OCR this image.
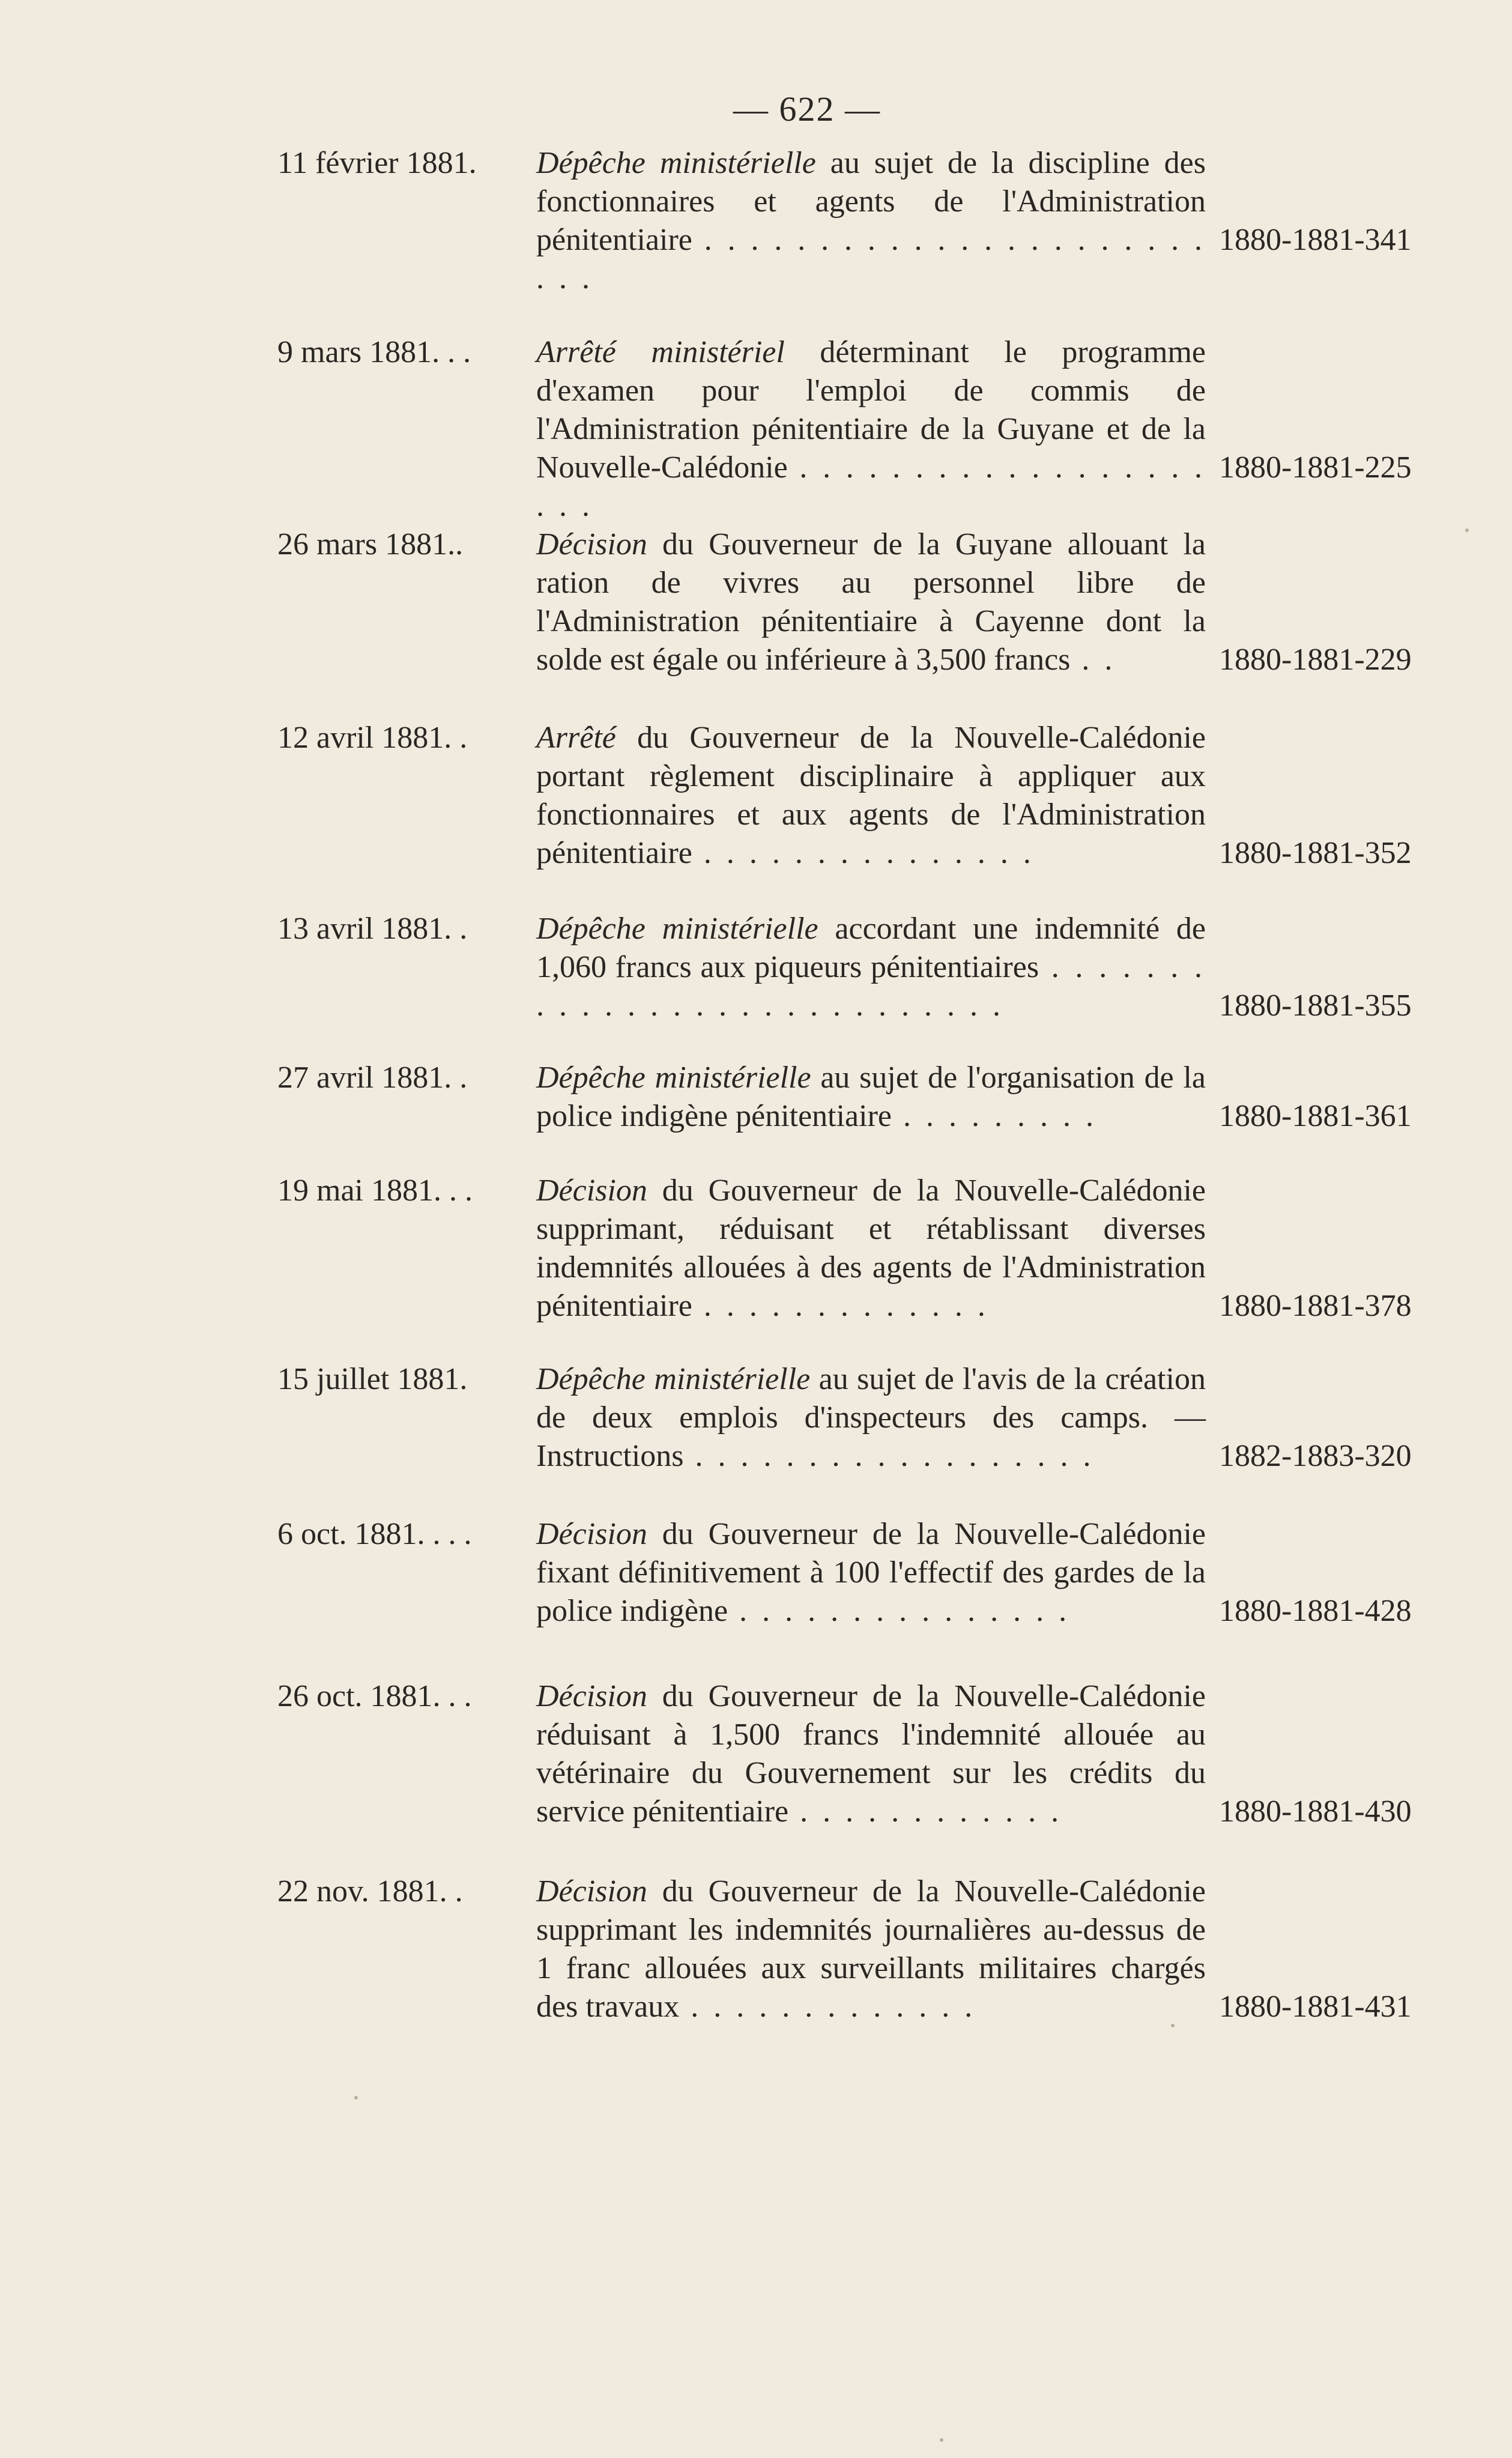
— 622 —
11 février 1881. Dépêche ministérielle au sujet de la discipline des fonctionnaires et agents de l'Administration pénitentiaire . . . . . . . . . . . . . . . . . . . . . . . . .
1880-1881-341
9 mars 1881. . . Arrêté ministériel déterminant le programme d'examen pour l'emploi de commis de l'Administration pénitentiaire de la Guyane et de la Nouvelle-Calédonie . . . . . . . . . . . . . . . . . . . . .
1880-1881-225
26 mars 1881.. Décision du Gouverneur de la Guyane allouant la ration de vivres au personnel libre de l'Administration pénitentiaire à Cayenne dont la solde est égale ou inférieure à 3,500 francs . .	1880-1881-229
12 avril 1881. . Arrêté du Gouverneur de la Nouvelle-Calédonie portant règlement disciplinaire à appliquer aux fonctionnaires et aux agents de l'Administration pénitentiaire . . . . . . . . . . . . . . .	1880-1881-352
13 avril 1881. . Dépêche ministérielle accordant une indemnité de 1,060 francs aux piqueurs pénitentiaires . . . . . . . . . . . . . . . . . . . . . . . . . . . .	1880-1881-355
27 avril 1881. . Dépêche ministérielle au sujet de l'organisation de la police indigène pénitentiaire . . . . . . . . .	1880-1881-361
19 mai 1881. . . Décision du Gouverneur de la Nouvelle-Calédonie supprimant, réduisant et rétablissant diverses indemnités allouées à des agents de l'Administration pénitentiaire . . . . . . . . . . . . .	1880-1881-378
15 juillet 1881. Dépêche ministérielle au sujet de l'avis de la création de deux emplois d'inspecteurs des camps. — Instructions . . . . . . . . . . . . . . . . . .	1882-1883-320
6 oct. 1881. . . . Décision du Gouverneur de la Nouvelle-Calédonie fixant définitivement à 100 l'effectif des gardes de la police indigène . . . . . . . . . . . . . . .	1880-1881-428
26 oct. 1881. . . Décision du Gouverneur de la Nouvelle-Calédonie réduisant à 1,500 francs l'indemnité allouée au vétérinaire du Gouvernement sur les crédits du service pénitentiaire . . . . . . . . . . . .	1880-1881-430
22 nov. 1881. . Décision du Gouverneur de la Nouvelle-Calédonie supprimant les indemnités journalières au-dessus de 1 franc allouées aux surveillants militaires chargés des travaux . . . . . . . . . . . . .	1880-1881-431
